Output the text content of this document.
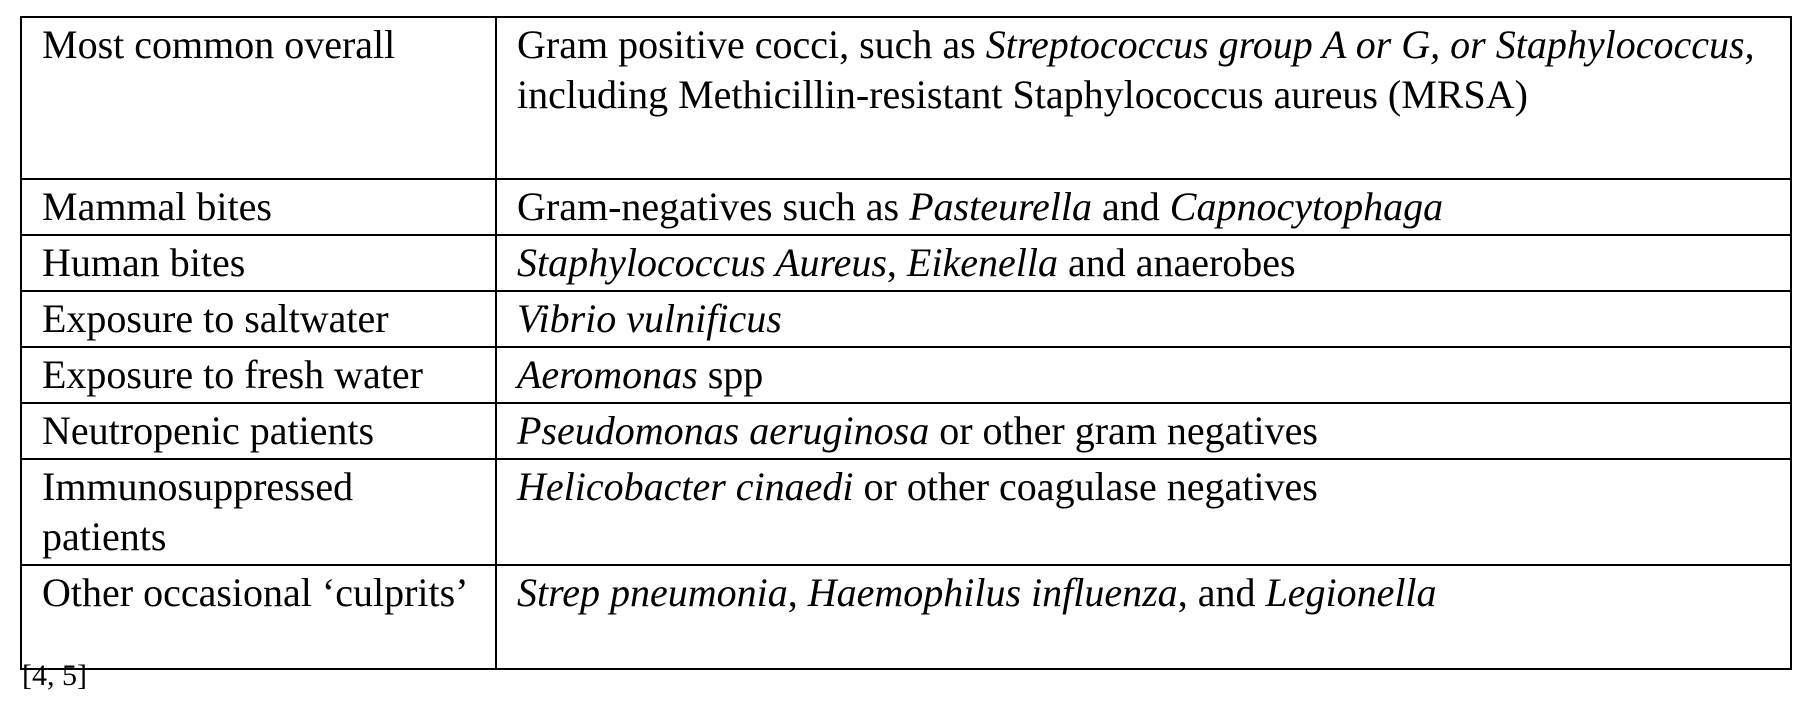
Most common overall	Gram positive cocci, such as Streptococcus group A or G, or Staphylococcus, including Methicillin-resistant Staphylococcus aureus (MRSA)
Mammal bites	Gram-negatives such as Pasteurella and Capnocytophaga
Human bites	Staphylococcus Aureus, Eikenella and anaerobes
Exposure to saltwater	Vibrio vulnificus
Exposure to fresh water	Aeromonas spp
Neutropenic patients	Pseudomonas aeruginosa or other gram negatives
Immunosuppressed patients	Helicobacter cinaedi or other coagulase negatives
Other occasional ‘culprits’	Strep pneumonia, Haemophilus influenza, and Legionella
[4, 5]
